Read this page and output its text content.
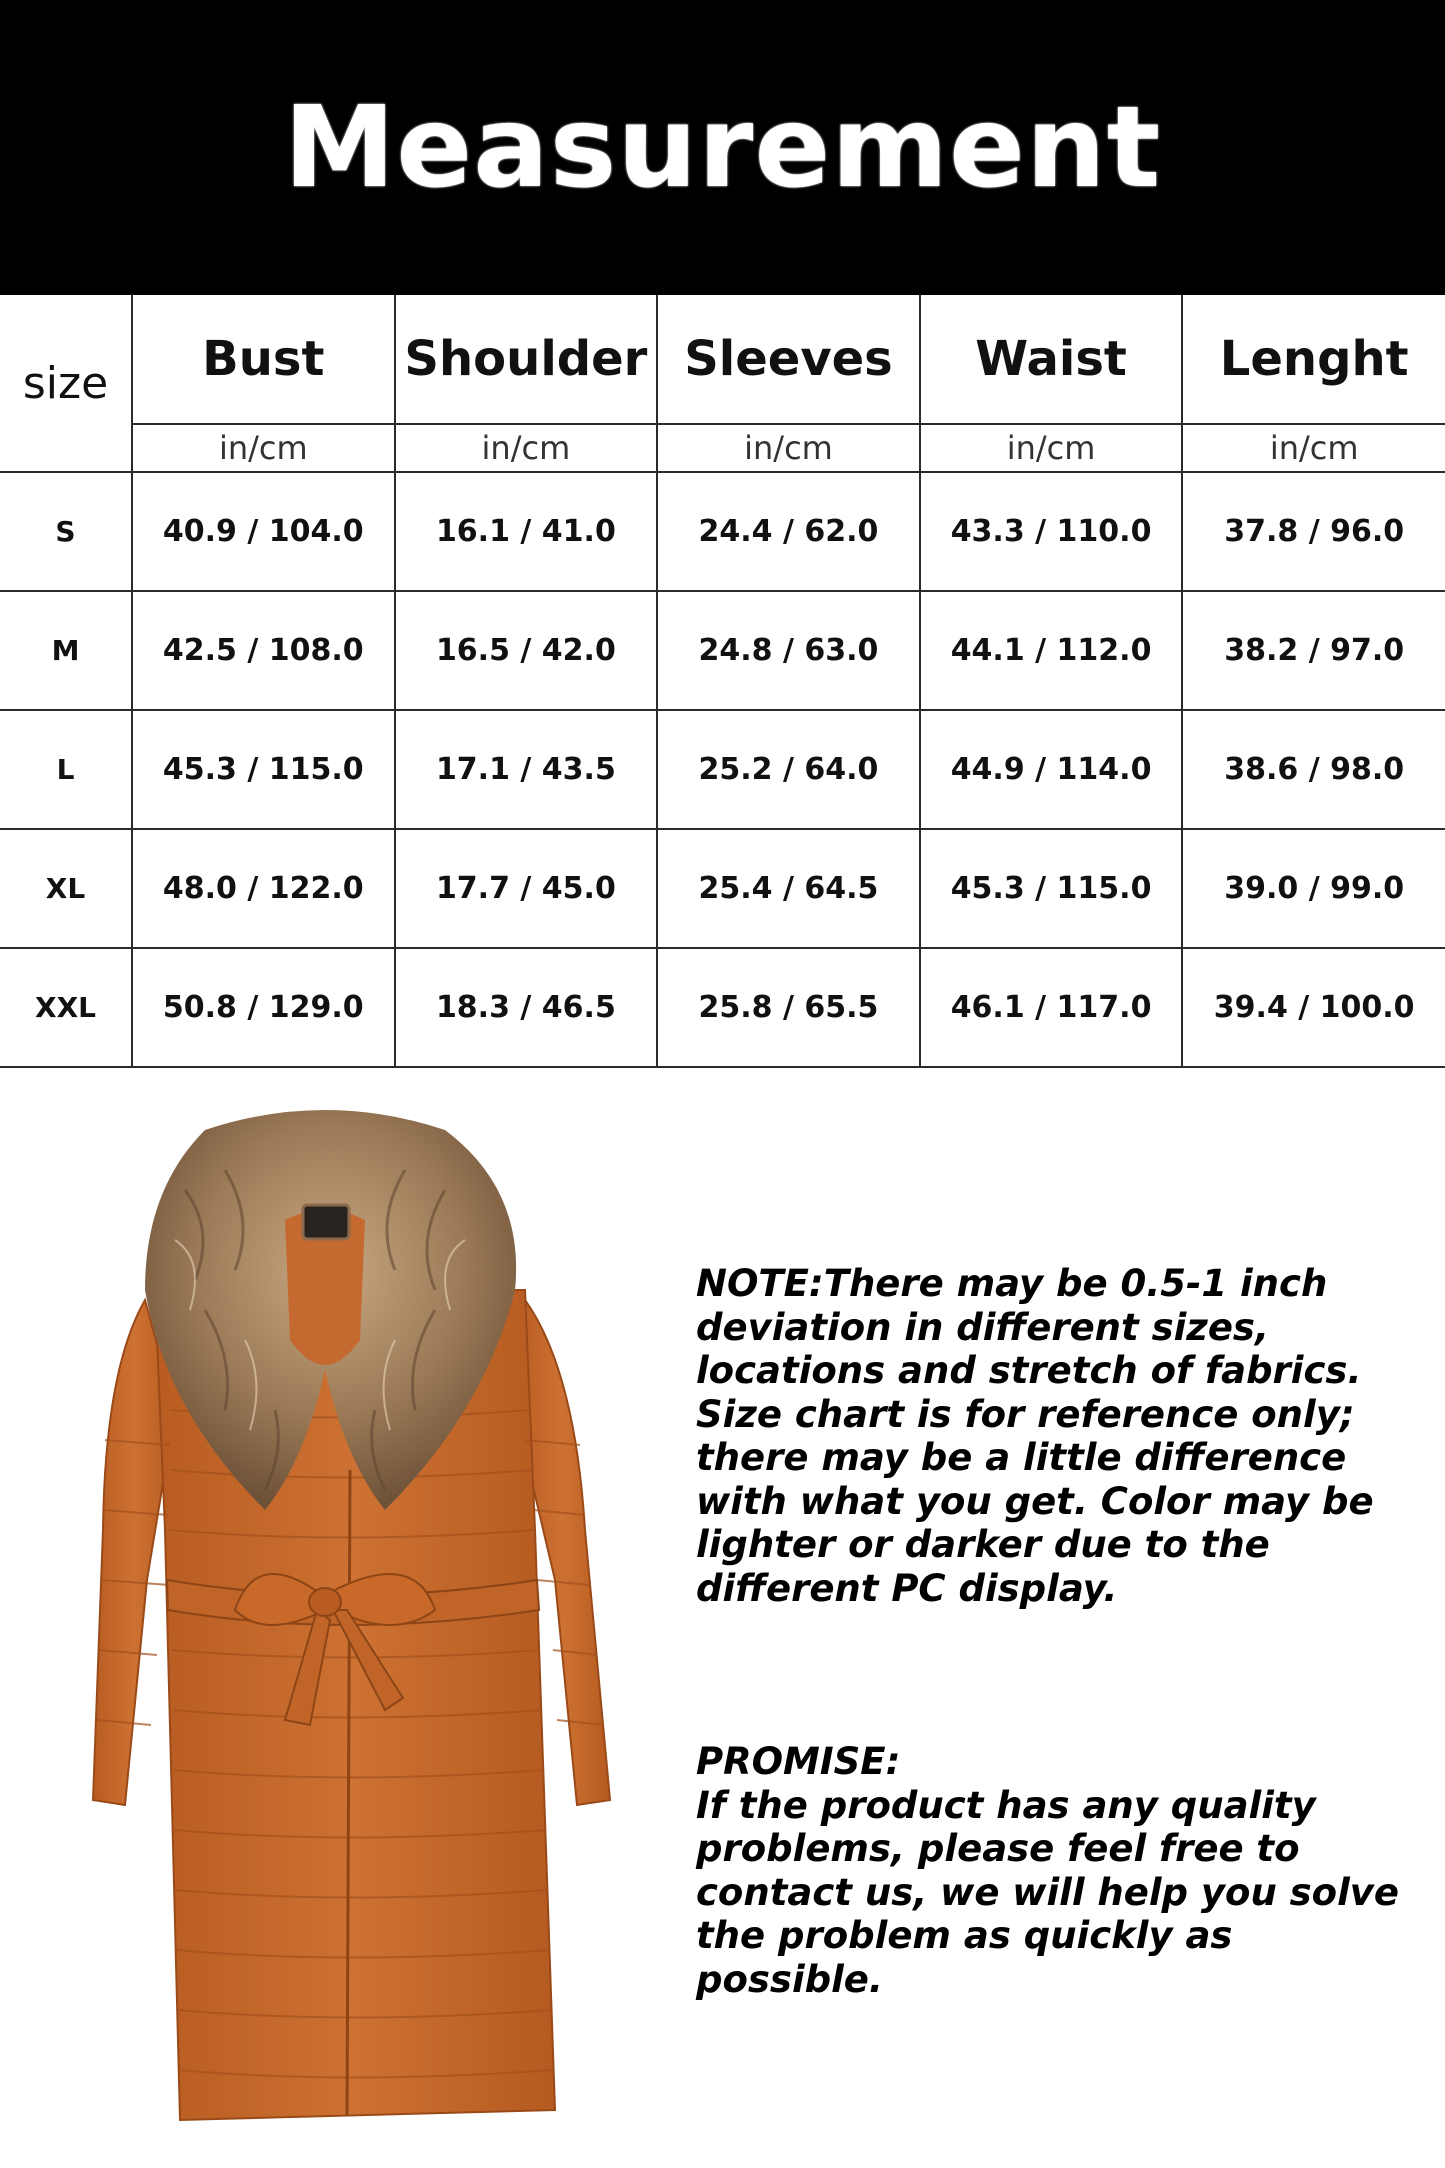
Measurement
size	Bust	Shoulder	Sleeves	Waist	Lenght
	in/cm	in/cm	in/cm	in/cm	in/cm
S	40.9 / 104.0	16.1 / 41.0	24.4 / 62.0	43.3 / 110.0	37.8 / 96.0
M	42.5 / 108.0	16.5 / 42.0	24.8 / 63.0	44.1 / 112.0	38.2 / 97.0
L	45.3 / 115.0	17.1 / 43.5	25.2 / 64.0	44.9 / 114.0	38.6 / 98.0
XL	48.0 / 122.0	17.7 / 45.0	25.4 / 64.5	45.3 / 115.0	39.0 / 99.0
XXL	50.8 / 129.0	18.3 / 46.5	25.8 / 65.5	46.1 / 117.0	39.4 / 100.0

NOTE:There may be 0.5-1 inch deviation in different sizes, locations and stretch of fabrics. Size chart is for reference only; there may be a little difference with what you get. Color may be lighter or darker due to the different PC display.

PROMISE:

If the product has any quality problems, please feel free to contact us, we will help you solve the problem as quickly as possible.
